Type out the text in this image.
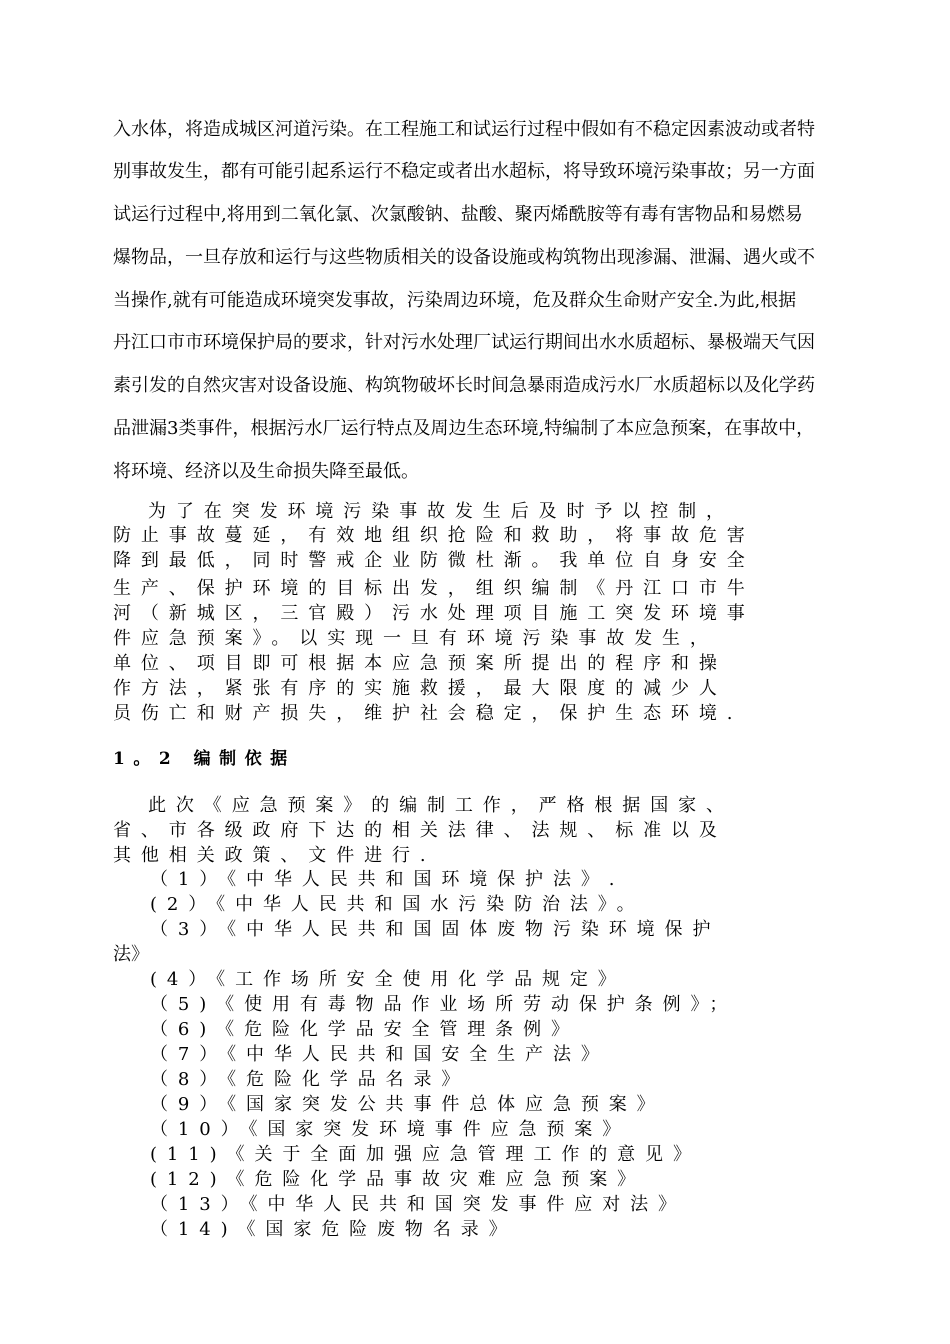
入水体，将造成城区河道污染。在工程施工和试运行过程中假如有不稳定因素波动或者特
别事故发生，都有可能引起系运行不稳定或者出水超标，将导致环境污染事故；另一方面
试运行过程中,将用到二氧化氯、次氯酸钠、盐酸、聚丙烯酰胺等有毒有害物品和易燃易
爆物品，一旦存放和运行与这些物质相关的设备设施或构筑物出现渗漏、泄漏、遇火或不
当操作,就有可能造成环境突发事故，污染周边环境，危及群众生命财产安全.为此,根据
丹江口市市环境保护局的要求，针对污水处理厂试运行期间出水水质超标、暴极端天气因
素引发的自然灾害对设备设施、构筑物破坏长时间急暴雨造成污水厂水质超标以及化学药
品泄漏3类事件，根据污水厂运行特点及周边生态环境,特编制了本应急预案，在事故中，
将环境、经济以及生命损失降至最低。
为了在突发环境污染事故发生后及时予以控制，
防止事故蔓延，有效地组织抢险和救助，将事故危害
降到最低，同时警戒企业防微杜渐。我单位自身安全
生产、保护环境的目标出发，组织编制《丹江口市牛
河（新城区，三官殿）污水处理项目施工突发环境事
件应急预案》。以实现一旦有环境污染事故发生，
单位、项目即可根据本应急预案所提出的程序和操
作方法，紧张有序的实施救援，最大限度的减少人
员伤亡和财产损失，维护社会稳定，保护生态环境.
1。2 编制依据
此次《应急预案》的编制工作，严格根据国家、
省、市各级政府下达的相关法律、法规、标准以及
其他相关政策、文件进行.
（1）《中华人民共和国环境保护法》.
(2）《中华人民共和国水污染防治法》。
（3）《中华人民共和国固体废物污染环境保护
法》
(4）《工作场所安全使用化学品规定》
（5)《使用有毒物品作业场所劳动保护条例》；
（6)《危险化学品安全管理条例》
（7）《中华人民共和国安全生产法》
（8）《危险化学品名录》
（9）《国家突发公共事件总体应急预案》
（10）《国家突发环境事件应急预案》
(11)《关于全面加强应急管理工作的意见》
(12)《危险化学品事故灾难应急预案》
（13）《中华人民共和国突发事件应对法》
（14)《国家危险废物名录》
